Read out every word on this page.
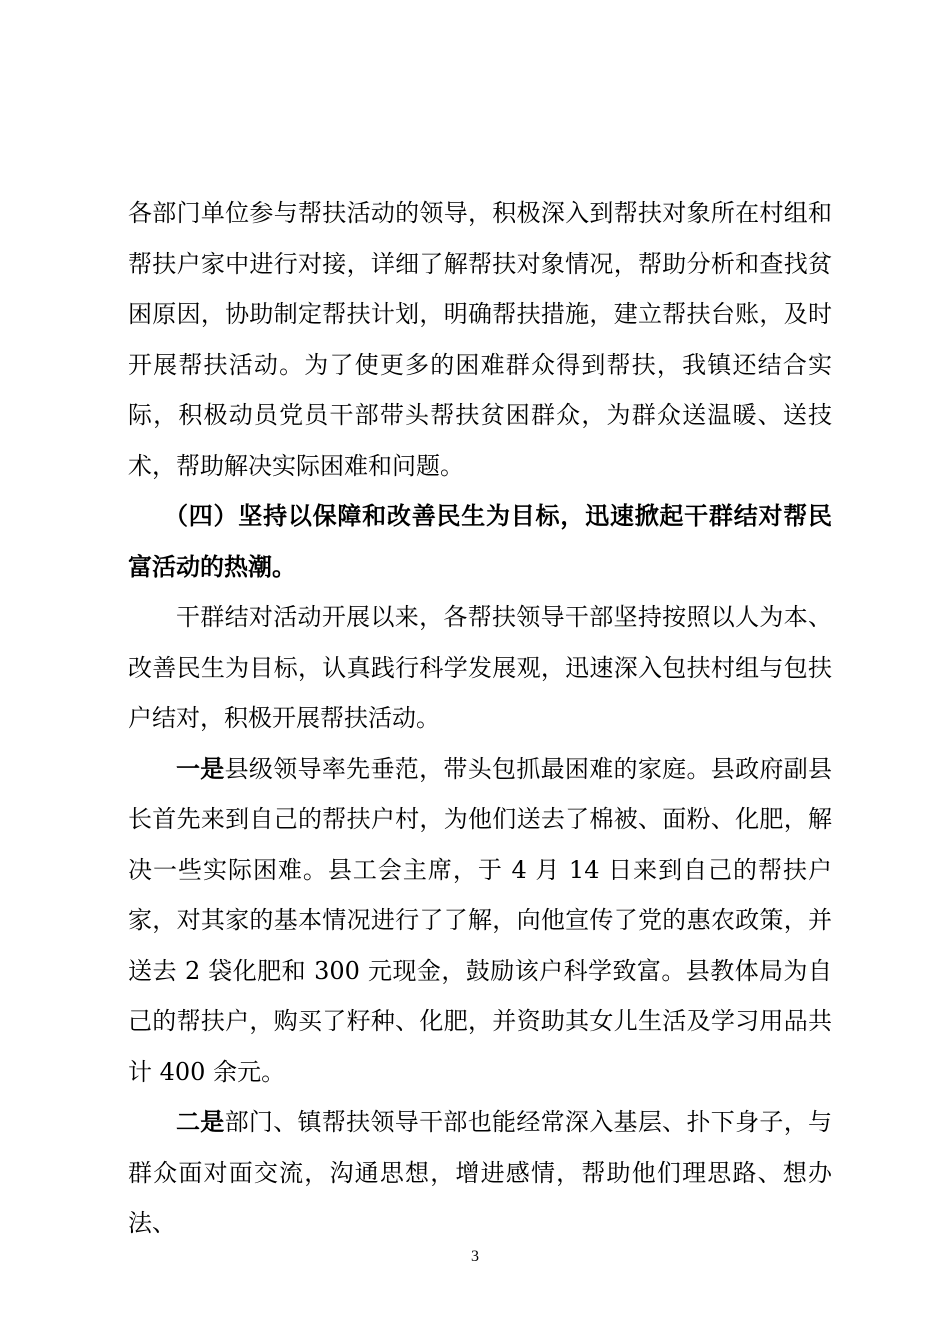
各部门单位参与帮扶活动的领导，积极深入到帮扶对象所在村组和帮扶户家中进行对接，详细了解帮扶对象情况，帮助分析和查找贫困原因，协助制定帮扶计划，明确帮扶措施，建立帮扶台账，及时开展帮扶活动。为了使更多的困难群众得到帮扶，我镇还结合实际，积极动员党员干部带头帮扶贫困群众，为群众送温暖、送技术，帮助解决实际困难和问题。

（四）坚持以保障和改善民生为目标，迅速掀起干群结对帮民富活动的热潮。

干群结对活动开展以来，各帮扶领导干部坚持按照以人为本、改善民生为目标，认真践行科学发展观，迅速深入包扶村组与包扶户结对，积极开展帮扶活动。

一是县级领导率先垂范，带头包抓最困难的家庭。县政府副县长首先来到自己的帮扶户村，为他们送去了棉被、面粉、化肥，解决一些实际困难。县工会主席，于 4 月 14 日来到自己的帮扶户家，对其家的基本情况进行了了解，向他宣传了党的惠农政策，并送去 2 袋化肥和 300 元现金，鼓励该户科学致富。县教体局为自己的帮扶户，购买了籽种、化肥，并资助其女儿生活及学习用品共计 400 余元。

二是部门、镇帮扶领导干部也能经常深入基层、扑下身子，与群众面对面交流，沟通思想，增进感情，帮助他们理思路、想办法、

3
